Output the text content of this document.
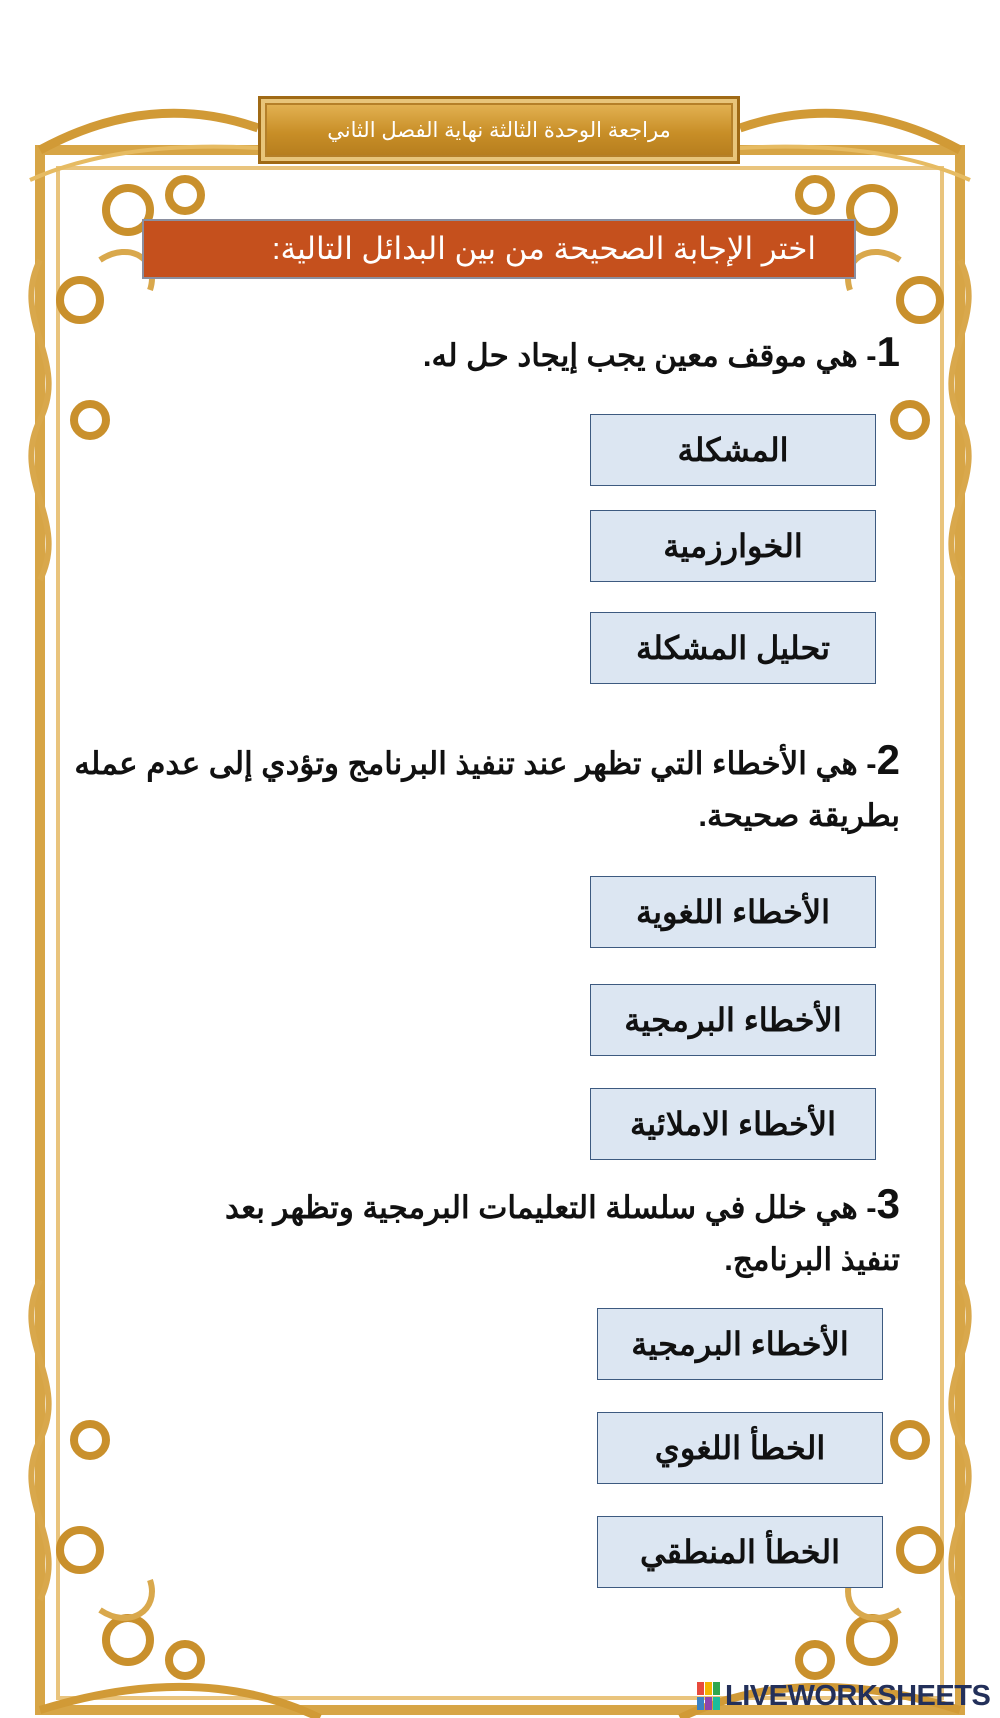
مراجعة الوحدة الثالثة نهاية الفصل الثاني
اختر الإجابة الصحيحة من بين البدائل التالية:
1- هي موقف معين يجب إيجاد حل له.
المشكلة
الخوارزمية
تحليل المشكلة
2- هي الأخطاء التي تظهر عند تنفيذ البرنامج وتؤدي إلى عدم عمله بطريقة صحيحة.
الأخطاء اللغوية
الأخطاء البرمجية
الأخطاء الاملائية
3- هي خلل في سلسلة التعليمات البرمجية وتظهر بعد تنفيذ البرنامج.
الأخطاء البرمجية
الخطأ اللغوي
الخطأ المنطقي
LIVEWORKSHEETS
